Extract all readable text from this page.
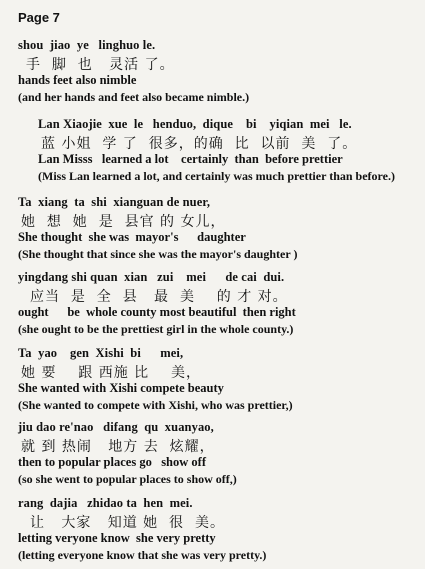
Page 7
shou  jiao  ye   linghuo le.
手  脚  也   灵活 了。
hands feet also nimble
(and her hands and feet also became nimble.)
Lan Xiaojie  xue  le   henduo,  dique    bi    yiqian  mei   le.
蓝 小姐  学 了  很多，的确  比  以前  美  了。
Lan Misss   learned a lot    certainly  than  before prettier
(Miss Lan learned a lot, and certainly was much prettier than before.)
Ta  xiang  ta  shi  xianguan de nuer,
她  想  她  是  县官 的 女儿，
She thought  she was  mayor's      daughter
(She thought that since she was the mayor's daughter )
yingdang shi quan  xian   zui    mei      de cai  dui.
应当  是  全  县   最  美    的 才 对。
ought      be  whole county most beautiful  then right
(she ought to be the prettiest girl in the whole county.)
Ta  yao    gen  Xishi  bi      mei,
她 要    跟 西施 比    美，
She wanted with Xishi compete beauty
(She wanted to compete with Xishi, who was prettier,)
jiu dao re'nao   difang  qu  xuanyao,
就 到 热闹   地方 去  炫耀，
then to popular places go   show off
(so she went to popular places to show off,)
rang  dajia   zhidao ta  hen  mei.
让   大家   知道 她  很  美。
letting veryone know  she very pretty
(letting everyone know that she was very pretty.)
